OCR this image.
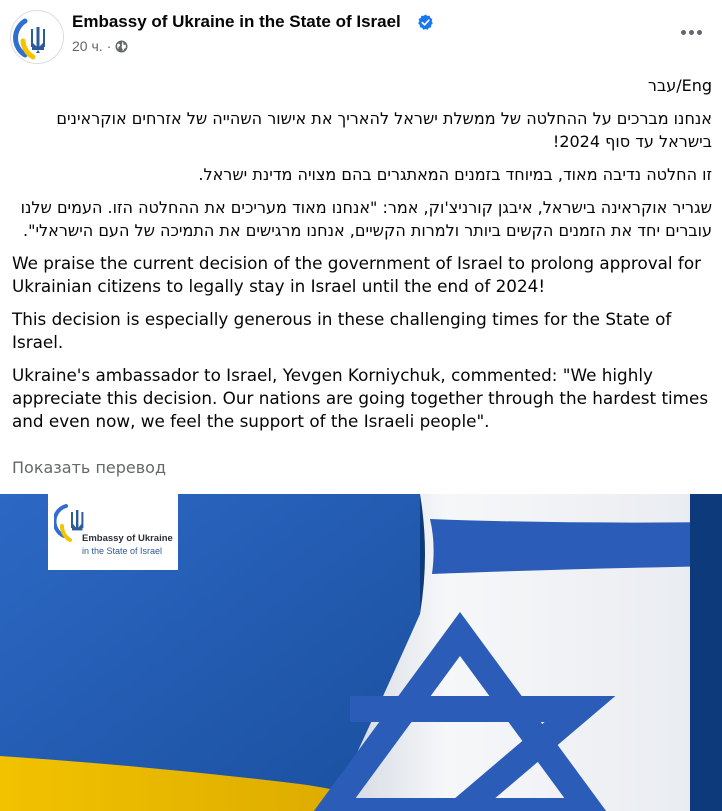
Embassy of Ukraine in the State of Israel
20 ч. ·

Eng/עבר

אנחנו מברכים על ההחלטה של ממשלת ישראל להאריך את אישור השהייה של אזרחים אוקראינים בישראל עד סוף 2024!

זו החלטה נדיבה מאוד, במיוחד בזמנים המאתגרים בהם מצויה מדינת ישראל.

שגריר אוקראינה בישראל, איבגן קורניצ'וק, אמר: "אנחנו מאוד מעריכים את ההחלטה הזו. העמים שלנו עוברים יחד את הזמנים הקשים ביותר ולמרות הקשיים, אנחנו מרגישים את התמיכה של העם הישראלי".

We praise the current decision of the government of Israel to prolong approval for Ukrainian citizens to legally stay in Israel until the end of 2024!

This decision is especially generous in these challenging times for the State of Israel.

Ukraine's ambassador to Israel, Yevgen Korniychuk, commented: "We highly appreciate this decision. Our nations are going together through the hardest times and even now, we feel the support of the Israeli people".

Показать перевод
Embassy of Ukraine
in the State of Israel
